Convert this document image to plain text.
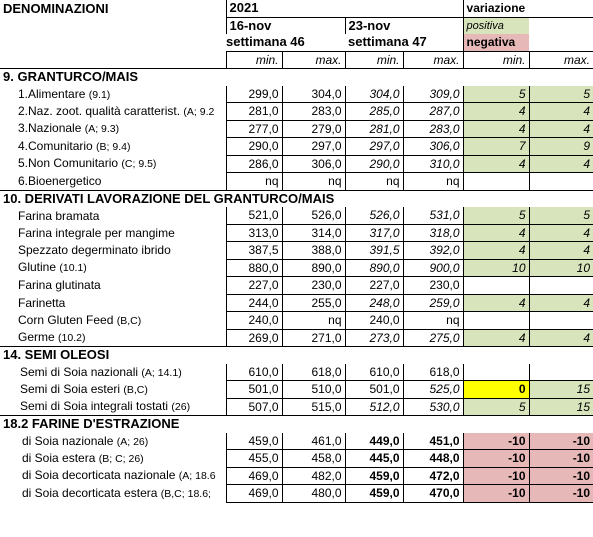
DENOMINAZIONI	2021				variazione	
	16-nov		23-nov		positiva	
	settimana 46		settimana 47		negativa	
	min.	max.	min.	max.	min.	max.
9. GRANTURCO/MAIS						
1.Alimentare (9.1)	299,0	304,0	304,0	309,0	5	5
2.Naz. zoot. qualità caratterist. (A; 9.2	281,0	283,0	285,0	287,0	4	4
3.Nazionale (A; 9.3)	277,0	279,0	281,0	283,0	4	4
4.Comunitario (B; 9.4)	290,0	297,0	297,0	306,0	7	9
5.Non Comunitario (C; 9.5)	286,0	306,0	290,0	310,0	4	4
6.Bioenergetico	nq	nq	nq	nq		
10. DERIVATI LAVORAZIONE DEL GRANTURCO/MAIS						
Farina bramata	521,0	526,0	526,0	531,0	5	5
Farina integrale per mangime	313,0	314,0	317,0	318,0	4	4
Spezzato degerminato ibrido	387,5	388,0	391,5	392,0	4	4
Glutine (10.1)	880,0	890,0	890,0	900,0	10	10
Farina glutinata	227,0	230,0	227,0	230,0		
Farinetta	244,0	255,0	248,0	259,0	4	4
Corn Gluten Feed (B,C)	240,0	nq	240,0	nq		
Germe (10.2)	269,0	271,0	273,0	275,0	4	4
14. SEMI OLEOSI						
Semi di Soia nazionali (A; 14.1)	610,0	618,0	610,0	618,0		
Semi di Soia esteri (B,C)	501,0	510,0	501,0	525,0	0	15
Semi di Soia integrali tostati (26)	507,0	515,0	512,0	530,0	5	15
18.2 FARINE D'ESTRAZIONE						
di Soia nazionale (A; 26)	459,0	461,0	449,0	451,0	-10	-10
di Soia estera (B; C; 26)	455,0	458,0	445,0	448,0	-10	-10
di Soia decorticata nazionale (A; 18.6	469,0	482,0	459,0	472,0	-10	-10
di Soia decorticata estera (B,C; 18.6;	469,0	480,0	459,0	470,0	-10	-10
